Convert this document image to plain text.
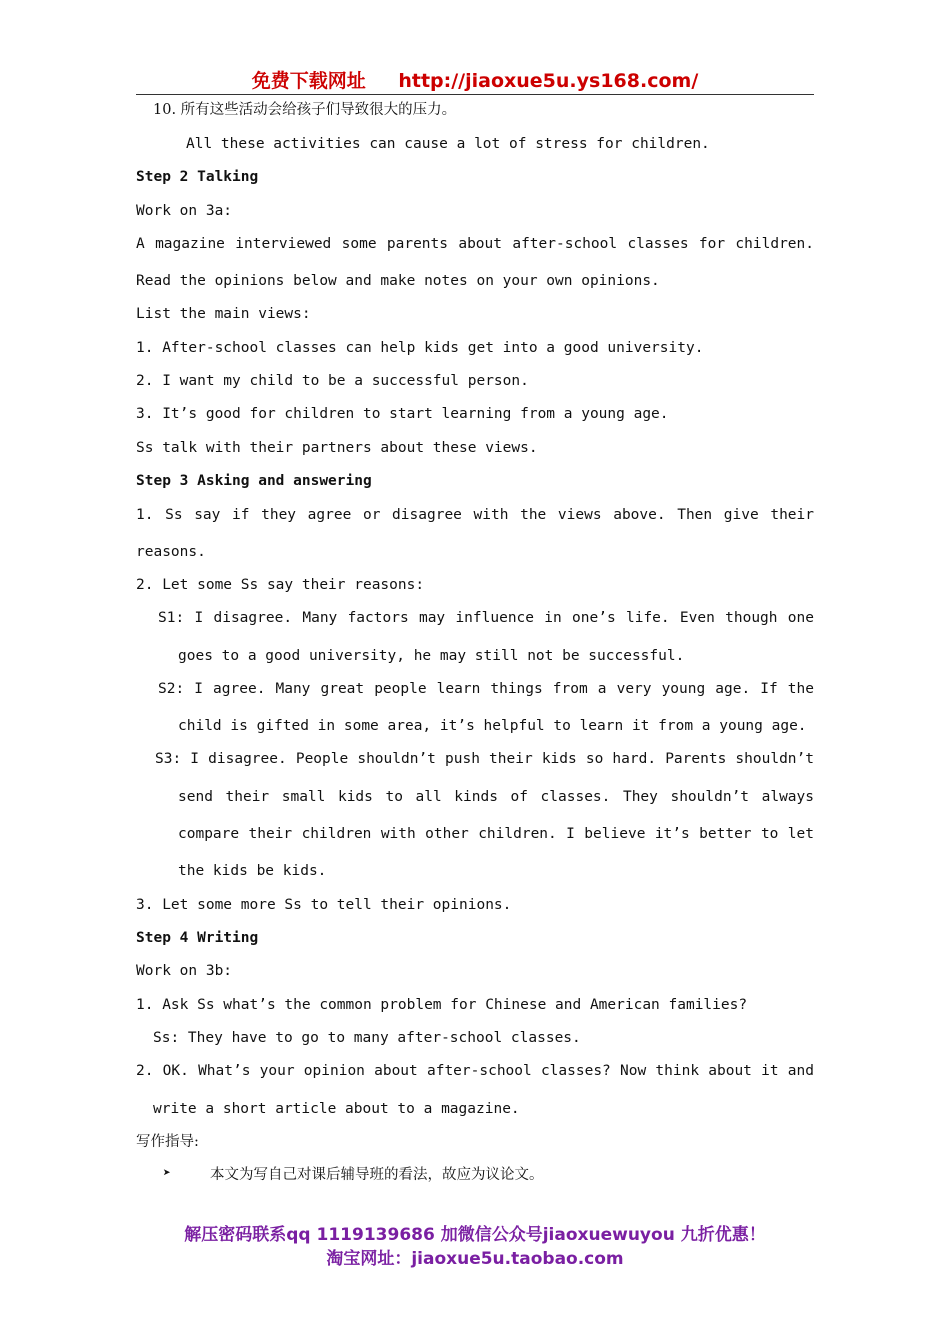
免费下载网址 http://jiaoxue5u.ys168.com/
10. 所有这些活动会给孩子们导致很大的压力。
All these activities can cause a lot of stress for children.
Step 2 Talking
Work on 3a:
A magazine interviewed some parents about after-school classes for children.
Read the opinions below and make notes on your own opinions.
List the main views:
1. After-school classes can help kids get into a good university.
2. I want my child to be a successful person.
3. It’s good for children to start learning from a young age.
Ss talk with their partners about these views.
Step 3 Asking and answering
1. Ss say if they agree or disagree with the views above. Then give their
reasons.
2. Let some Ss say their reasons:
S1: I disagree. Many factors may influence in one’s life. Even though one
goes to a good university, he may still not be successful.
S2: I agree. Many great people learn things from a very young age. If the
child is gifted in some area, it’s helpful to learn it from a young age.
S3: I disagree. People shouldn’t push their kids so hard. Parents shouldn’t
send their small kids to all kinds of classes. They shouldn’t always
compare their children with other children. I believe it’s better to let
the kids be kids.
3. Let some more Ss to tell their opinions.
Step 4 Writing
Work on 3b:
1. Ask Ss what’s the common problem for Chinese and American families?
Ss: They have to go to many after-school classes.
2. OK. What’s your opinion about after-school classes? Now think about it and
write a short article about to a magazine.
写作指导:
➤	本文为写自己对课后辅导班的看法，故应为议论文。
解压密码联系qq 1119139686 加微信公众号jiaoxuewuyou 九折优惠！
淘宝网址：jiaoxue5u.taobao.com
